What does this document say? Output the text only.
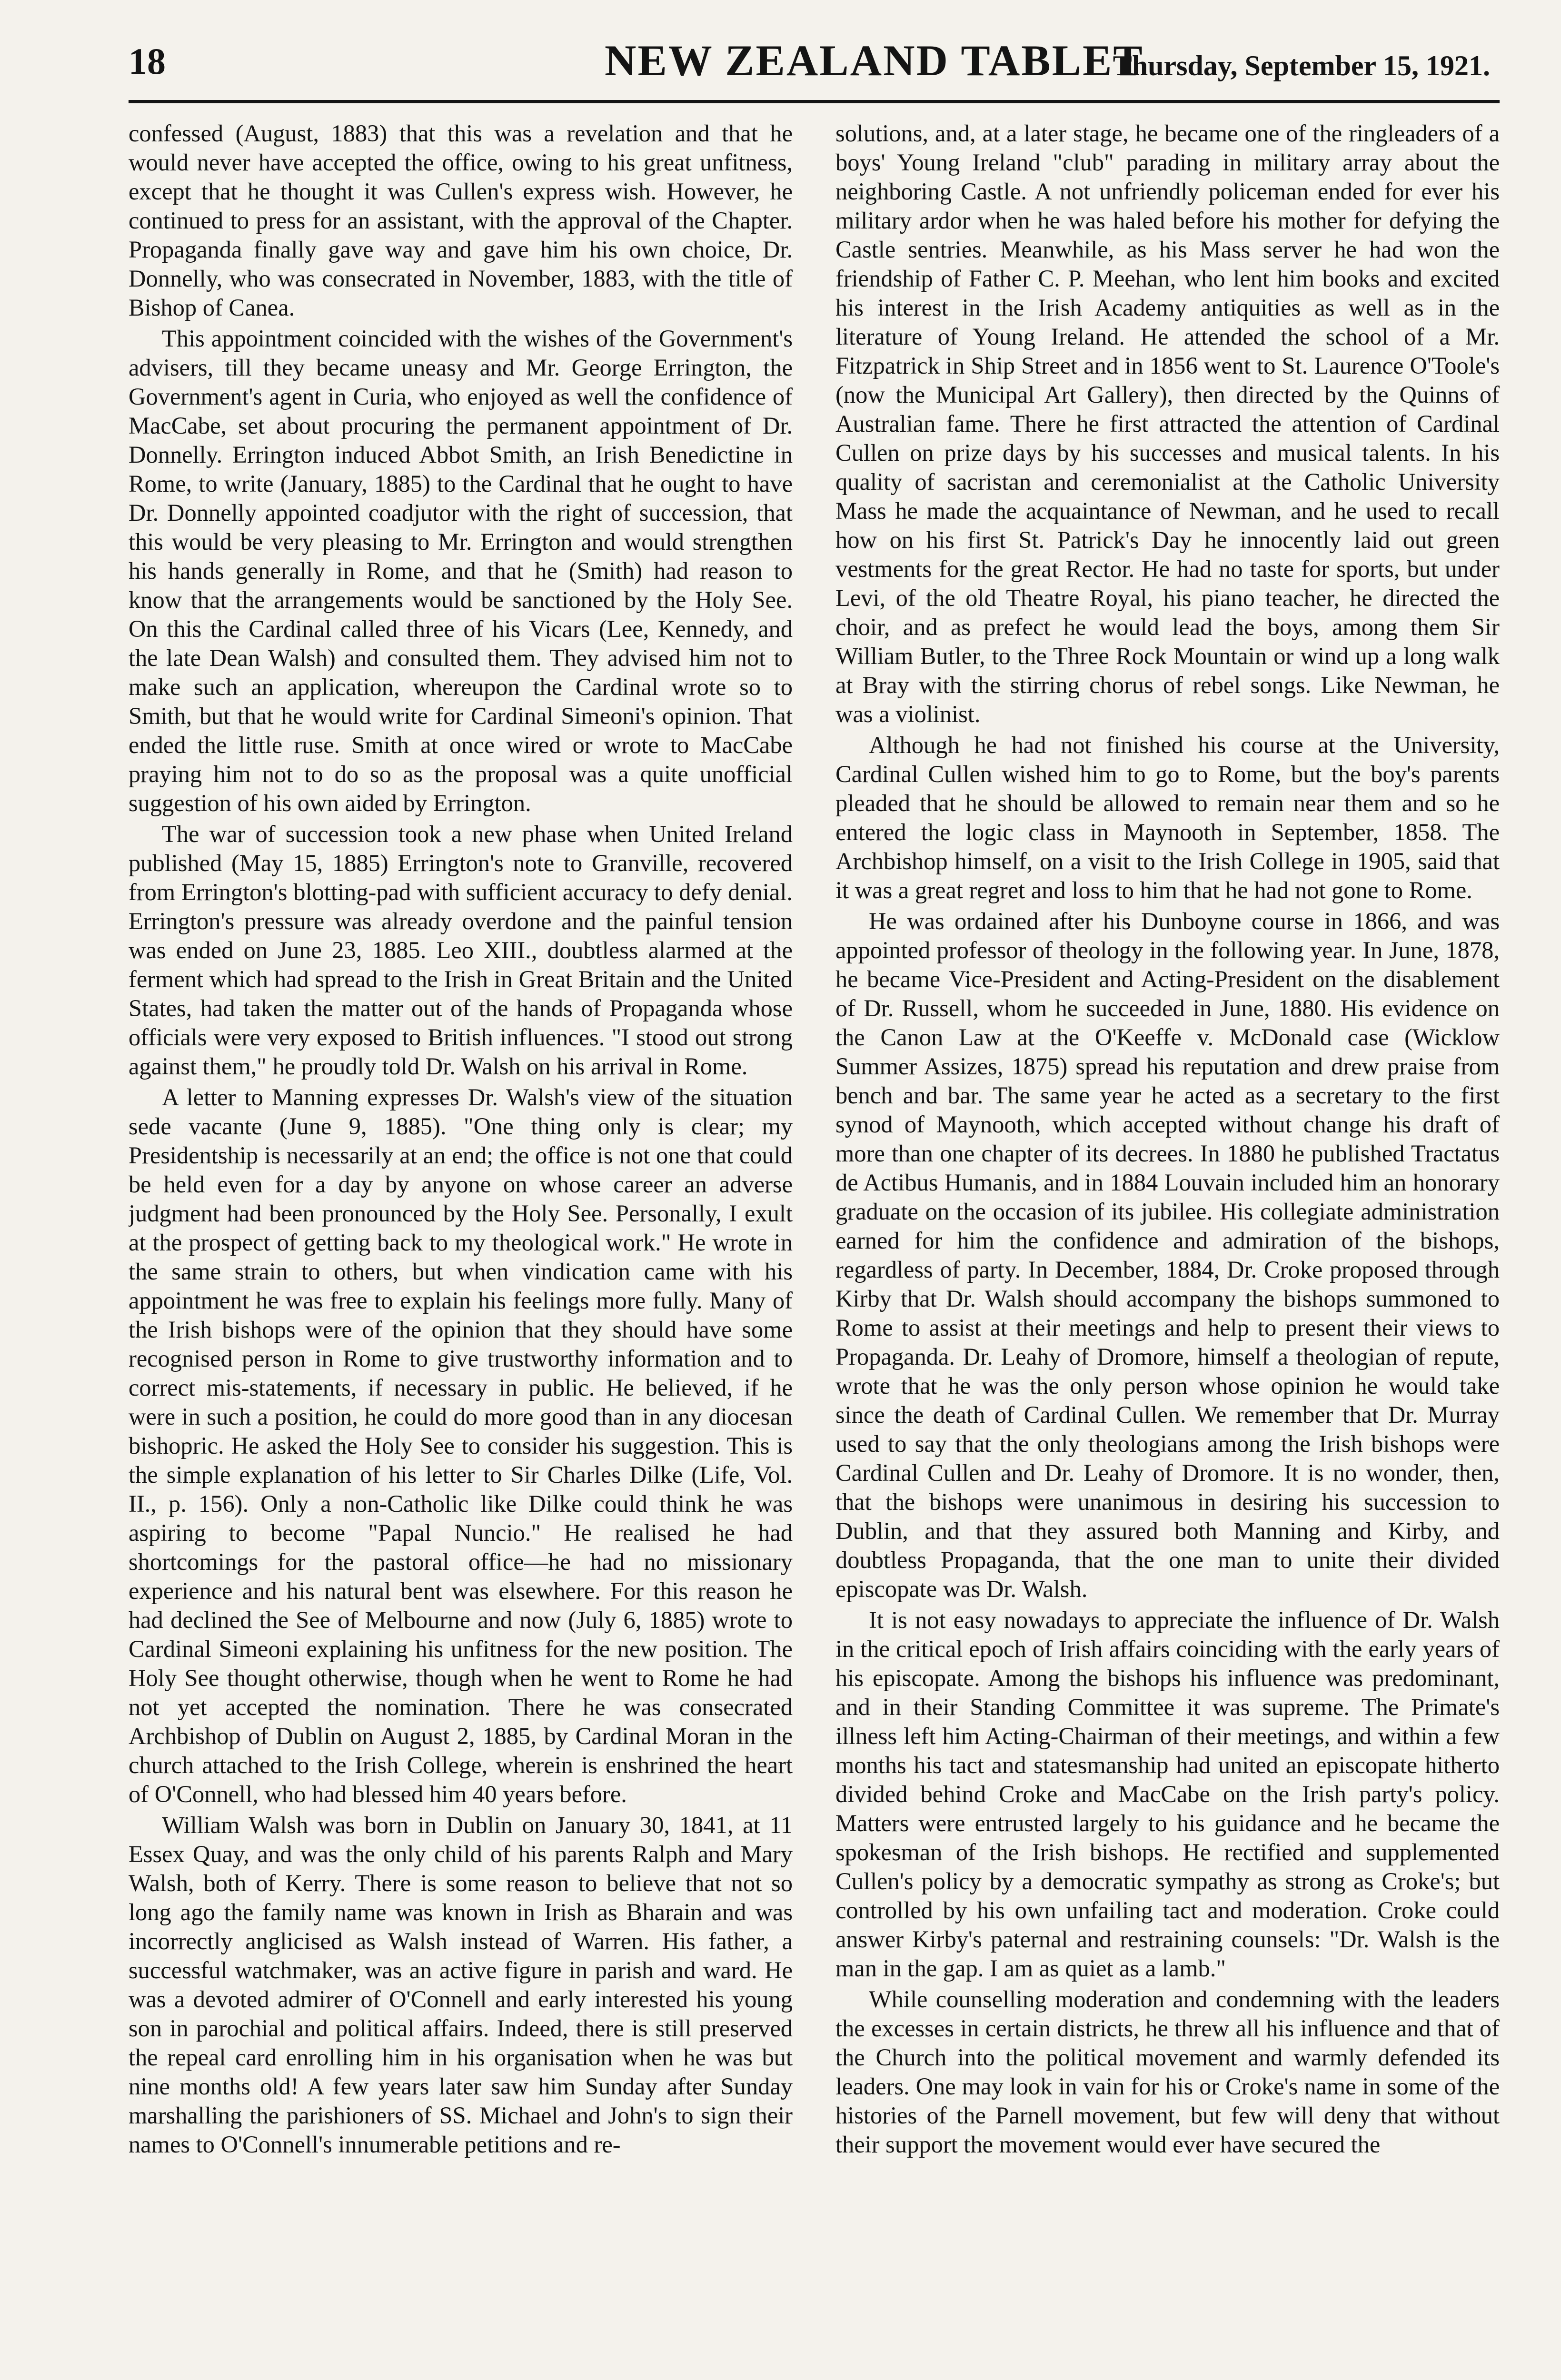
18	NEW ZEALAND TABLET
Thursday, September 15, 1921.

confessed (August, 1883) that this was a revelation and that he would never have accepted the office, owing to his great unfitness, except that he thought it was Cullen's express wish. However, he continued to press for an assistant, with the approval of the Chapter. Propaganda finally gave way and gave him his own choice, Dr. Donnelly, who was consecrated in November, 1883, with the title of Bishop of Canea.

This appointment coincided with the wishes of the Government's advisers, till they became uneasy and Mr. George Errington, the Government's agent in Curia, who enjoyed as well the confidence of MacCabe, set about procuring the permanent appointment of Dr. Donnelly. Errington induced Abbot Smith, an Irish Benedictine in Rome, to write (January, 1885) to the Cardinal that he ought to have Dr. Donnelly appointed coadjutor with the right of succession, that this would be very pleasing to Mr. Errington and would strengthen his hands generally in Rome, and that he (Smith) had reason to know that the arrangements would be sanctioned by the Holy See. On this the Cardinal called three of his Vicars (Lee, Kennedy, and the late Dean Walsh) and consulted them. They advised him not to make such an application, whereupon the Cardinal wrote so to Smith, but that he would write for Cardinal Simeoni's opinion. That ended the little ruse. Smith at once wired or wrote to MacCabe praying him not to do so as the proposal was a quite unofficial suggestion of his own aided by Errington.

The war of succession took a new phase when United Ireland published (May 15, 1885) Errington's note to Granville, recovered from Errington's blotting-pad with sufficient accuracy to defy denial. Errington's pressure was already overdone and the painful tension was ended on June 23, 1885. Leo XIII., doubtless alarmed at the ferment which had spread to the Irish in Great Britain and the United States, had taken the matter out of the hands of Propaganda whose officials were very exposed to British influences. "I stood out strong against them," he proudly told Dr. Walsh on his arrival in Rome.

A letter to Manning expresses Dr. Walsh's view of the situation sede vacante (June 9, 1885). "One thing only is clear; my Presidentship is necessarily at an end; the office is not one that could be held even for a day by anyone on whose career an adverse judgment had been pronounced by the Holy See. Personally, I exult at the prospect of getting back to my theological work." He wrote in the same strain to others, but when vindication came with his appointment he was free to explain his feelings more fully. Many of the Irish bishops were of the opinion that they should have some recognised person in Rome to give trustworthy information and to correct mis-statements, if necessary in public. He believed, if he were in such a position, he could do more good than in any diocesan bishopric. He asked the Holy See to consider his suggestion. This is the simple explanation of his letter to Sir Charles Dilke (Life, Vol. II., p. 156). Only a non-Catholic like Dilke could think he was aspiring to become "Papal Nuncio." He realised he had shortcomings for the pastoral office—he had no missionary experience and his natural bent was elsewhere. For this reason he had declined the See of Melbourne and now (July 6, 1885) wrote to Cardinal Simeoni explaining his unfitness for the new position. The Holy See thought otherwise, though when he went to Rome he had not yet accepted the nomination. There he was consecrated Archbishop of Dublin on August 2, 1885, by Cardinal Moran in the church attached to the Irish College, wherein is enshrined the heart of O'Connell, who had blessed him 40 years before.

William Walsh was born in Dublin on January 30, 1841, at 11 Essex Quay, and was the only child of his parents Ralph and Mary Walsh, both of Kerry. There is some reason to believe that not so long ago the family name was known in Irish as Bharain and was incorrectly anglicised as Walsh instead of Warren. His father, a successful watchmaker, was an active figure in parish and ward. He was a devoted admirer of O'Connell and early interested his young son in parochial and political affairs. Indeed, there is still preserved the repeal card enrolling him in his organisation when he was but nine months old! A few years later saw him Sunday after Sunday marshalling the parishioners of SS. Michael and John's to sign their names to O'Connell's innumerable petitions and re-

solutions, and, at a later stage, he became one of the ringleaders of a boys' Young Ireland "club" parading in military array about the neighboring Castle. A not unfriendly policeman ended for ever his military ardor when he was haled before his mother for defying the Castle sentries. Meanwhile, as his Mass server he had won the friendship of Father C. P. Meehan, who lent him books and excited his interest in the Irish Academy antiquities as well as in the literature of Young Ireland. He attended the school of a Mr. Fitzpatrick in Ship Street and in 1856 went to St. Laurence O'Toole's (now the Municipal Art Gallery), then directed by the Quinns of Australian fame. There he first attracted the attention of Cardinal Cullen on prize days by his successes and musical talents. In his quality of sacristan and ceremonialist at the Catholic University Mass he made the acquaintance of Newman, and he used to recall how on his first St. Patrick's Day he innocently laid out green vestments for the great Rector. He had no taste for sports, but under Levi, of the old Theatre Royal, his piano teacher, he directed the choir, and as prefect he would lead the boys, among them Sir William Butler, to the Three Rock Mountain or wind up a long walk at Bray with the stirring chorus of rebel songs. Like Newman, he was a violinist.

Although he had not finished his course at the University, Cardinal Cullen wished him to go to Rome, but the boy's parents pleaded that he should be allowed to remain near them and so he entered the logic class in Maynooth in September, 1858. The Archbishop himself, on a visit to the Irish College in 1905, said that it was a great regret and loss to him that he had not gone to Rome.

He was ordained after his Dunboyne course in 1866, and was appointed professor of theology in the following year. In June, 1878, he became Vice-President and Acting-President on the disablement of Dr. Russell, whom he succeeded in June, 1880. His evidence on the Canon Law at the O'Keeffe v. McDonald case (Wicklow Summer Assizes, 1875) spread his reputation and drew praise from bench and bar. The same year he acted as a secretary to the first synod of Maynooth, which accepted without change his draft of more than one chapter of its decrees. In 1880 he published Tractatus de Actibus Humanis, and in 1884 Louvain included him an honorary graduate on the occasion of its jubilee. His collegiate administration earned for him the confidence and admiration of the bishops, regardless of party. In December, 1884, Dr. Croke proposed through Kirby that Dr. Walsh should accompany the bishops summoned to Rome to assist at their meetings and help to present their views to Propaganda. Dr. Leahy of Dromore, himself a theologian of repute, wrote that he was the only person whose opinion he would take since the death of Cardinal Cullen. We remember that Dr. Murray used to say that the only theologians among the Irish bishops were Cardinal Cullen and Dr. Leahy of Dromore. It is no wonder, then, that the bishops were unanimous in desiring his succession to Dublin, and that they assured both Manning and Kirby, and doubtless Propaganda, that the one man to unite their divided episcopate was Dr. Walsh.

It is not easy nowadays to appreciate the influence of Dr. Walsh in the critical epoch of Irish affairs coinciding with the early years of his episcopate. Among the bishops his influence was predominant, and in their Standing Committee it was supreme. The Primate's illness left him Acting-Chairman of their meetings, and within a few months his tact and statesmanship had united an episcopate hitherto divided behind Croke and MacCabe on the Irish party's policy. Matters were entrusted largely to his guidance and he became the spokesman of the Irish bishops. He rectified and supplemented Cullen's policy by a democratic sympathy as strong as Croke's; but controlled by his own unfailing tact and moderation. Croke could answer Kirby's paternal and restraining counsels: "Dr. Walsh is the man in the gap. I am as quiet as a lamb."

While counselling moderation and condemning with the leaders the excesses in certain districts, he threw all his influence and that of the Church into the political movement and warmly defended its leaders. One may look in vain for his or Croke's name in some of the histories of the Parnell movement, but few will deny that without their support the movement would ever have secured the
